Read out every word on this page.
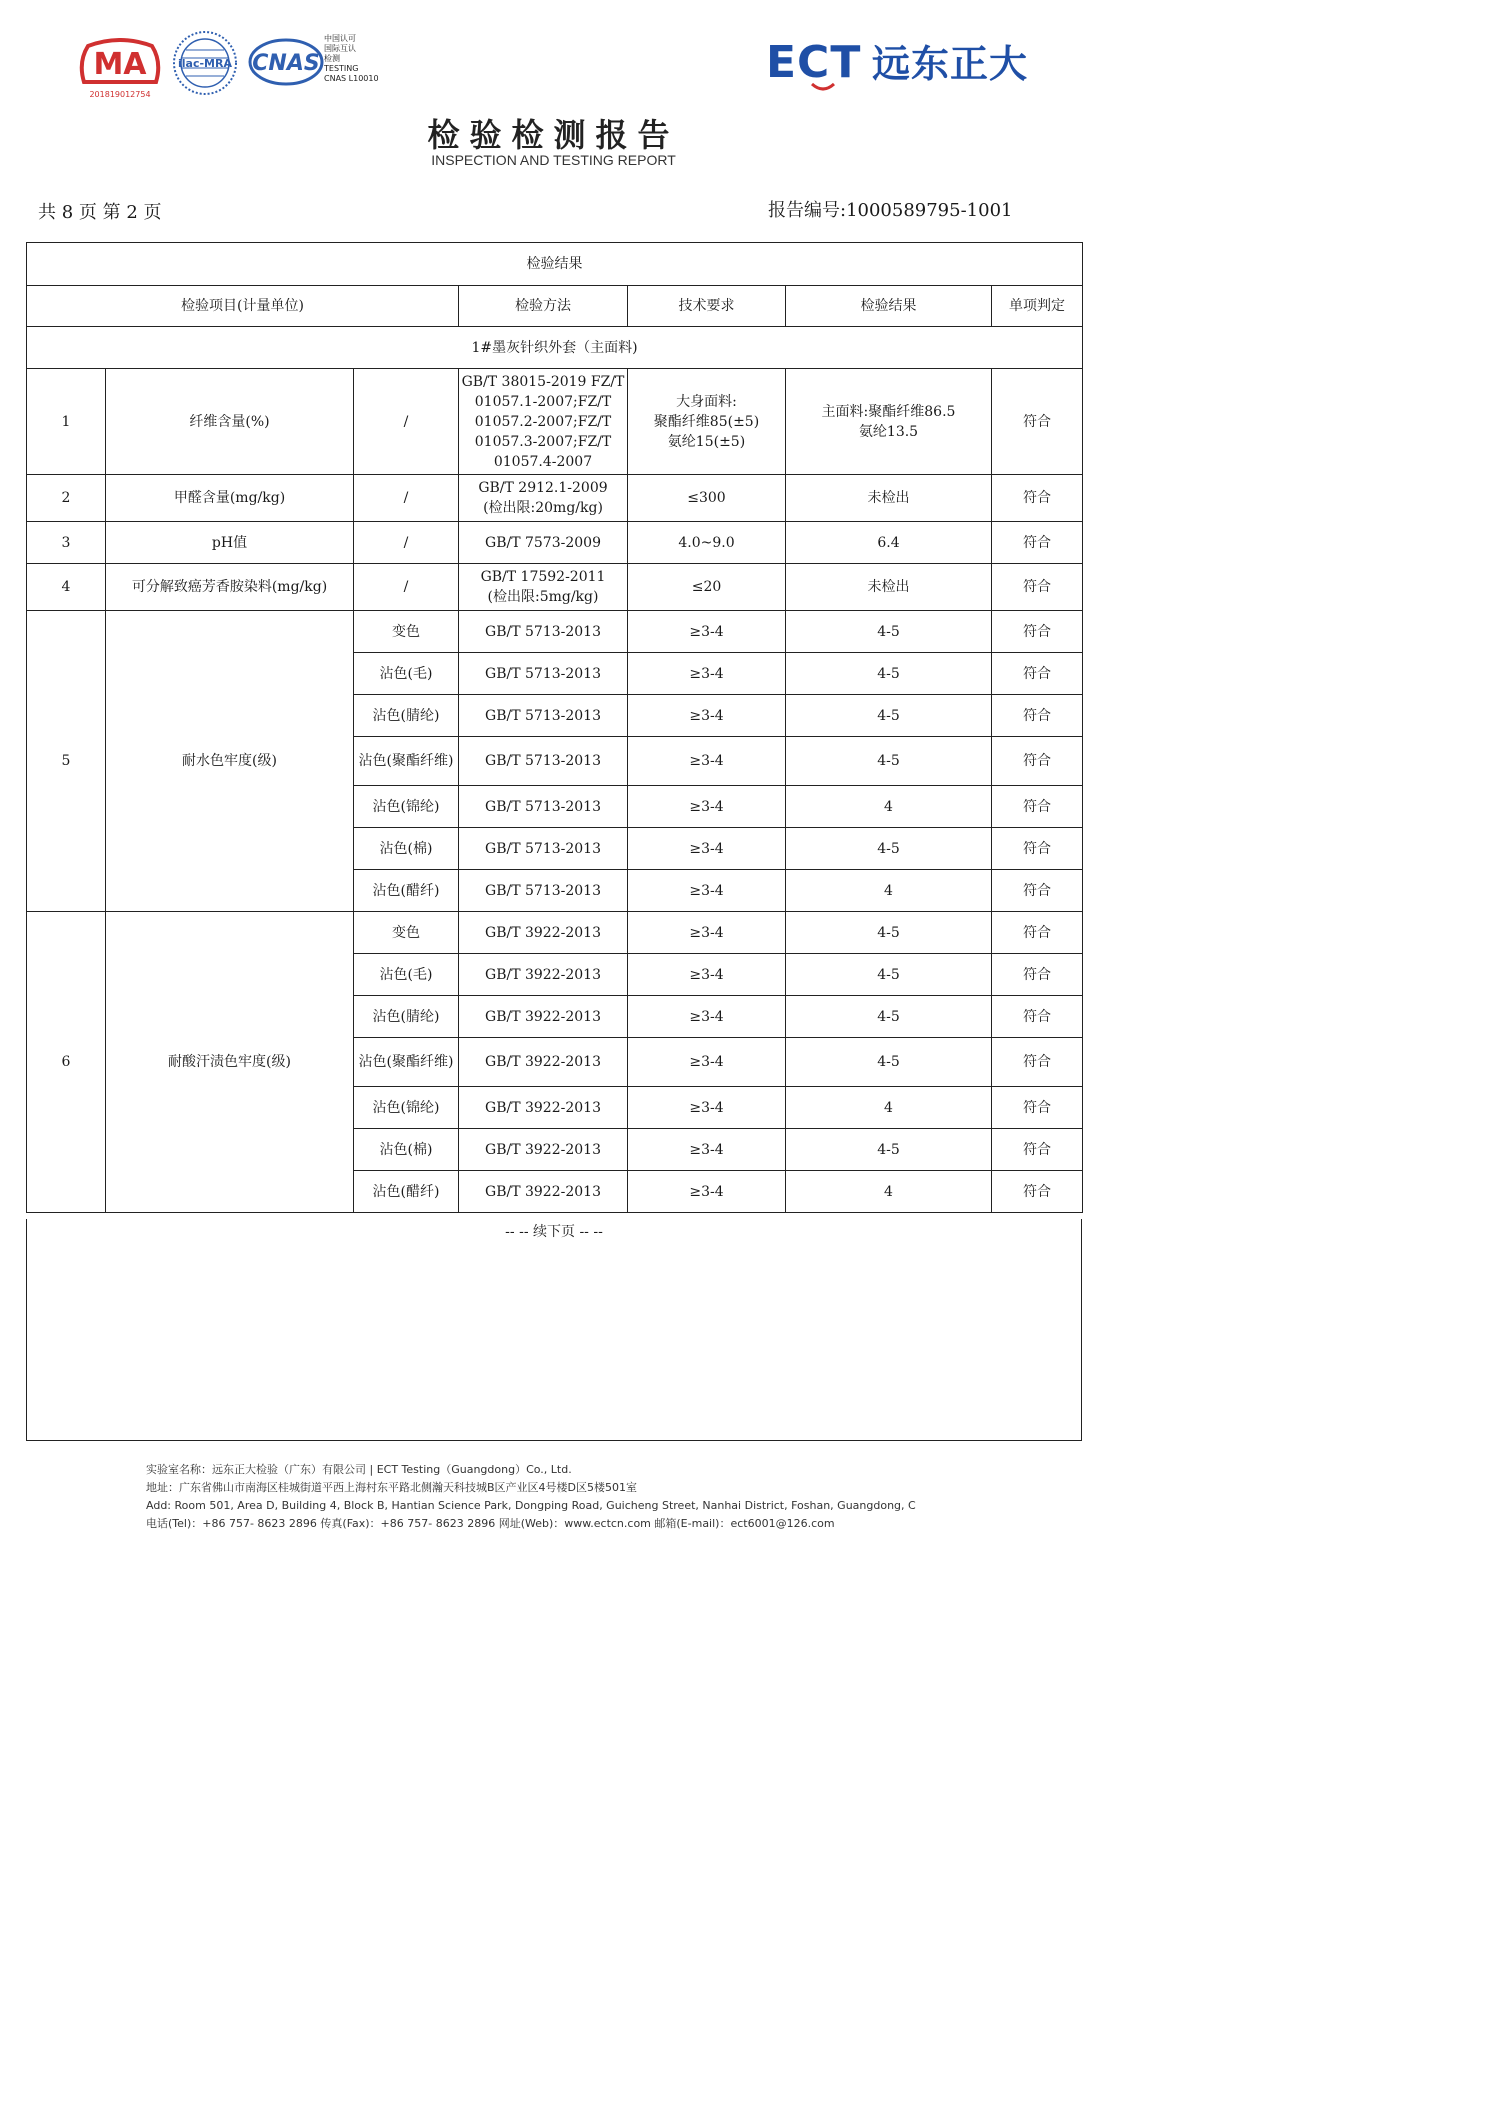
MA
201819012754
ilac-MRA CNAS
中国认可
国际互认
检测
TESTING
CNAS L10010	ECT 远东正大
检验检测报告
INSPECTION AND TESTING REPORT
共 8 页 第 2 页	报告编号:1000589795-1001
检验结果						
检验项目(计量单位)			检验方法	技术要求	检验结果	单项判定
1#墨灰针织外套（主面料)						
1	纤维含量(%)	/	GB/T 38015-2019 FZ/T 01057.1-2007;FZ/T 01057.2-2007;FZ/T 01057.3-2007;FZ/T 01057.4-2007	大身面料:
聚酯纤维85(±5)
氨纶15(±5)	主面料:聚酯纤维86.5
氨纶13.5	符合
2	甲醛含量(mg/kg)	/	GB/T 2912.1-2009
(检出限:20mg/kg)	≤300	未检出	符合
3	pH值	/	GB/T 7573-2009	4.0~9.0	6.4	符合
4	可分解致癌芳香胺染料(mg/kg)	/	GB/T 17592-2011
(检出限:5mg/kg)	≤20	未检出	符合
5	耐水色牢度(级)	变色	GB/T 5713-2013	≥3-4	4-5	符合
		沾色(毛)	GB/T 5713-2013	≥3-4	4-5	符合
		沾色(腈纶)	GB/T 5713-2013	≥3-4	4-5	符合
		沾色(聚酯纤维)	GB/T 5713-2013	≥3-4	4-5	符合
		沾色(锦纶)	GB/T 5713-2013	≥3-4	4	符合
		沾色(棉)	GB/T 5713-2013	≥3-4	4-5	符合
		沾色(醋纤)	GB/T 5713-2013	≥3-4	4	符合
6	耐酸汗渍色牢度(级)	变色	GB/T 3922-2013	≥3-4	4-5	符合
		沾色(毛)	GB/T 3922-2013	≥3-4	4-5	符合
		沾色(腈纶)	GB/T 3922-2013	≥3-4	4-5	符合
		沾色(聚酯纤维)	GB/T 3922-2013	≥3-4	4-5	符合
		沾色(锦纶)	GB/T 3922-2013	≥3-4	4	符合
		沾色(棉)	GB/T 3922-2013	≥3-4	4-5	符合
		沾色(醋纤)	GB/T 3922-2013	≥3-4	4	符合
-- -- 续下页 -- --
实验室名称：远东正大检验（广东）有限公司 | ECT Testing（Guangdong）Co., Ltd.
地址：广东省佛山市南海区桂城街道平西上海村东平路北侧瀚天科技城B区产业区4号楼D区5楼501室
Add: Room 501, Area D, Building 4, Block B, Hantian Science Park, Dongping Road, Guicheng Street, Nanhai District, Foshan, Guangdong, C
电话(Tel)：+86 757- 8623 2896 传真(Fax)：+86 757- 8623 2896 网址(Web)：www.ectcn.com 邮箱(E-mail)：ect6001@126.com
